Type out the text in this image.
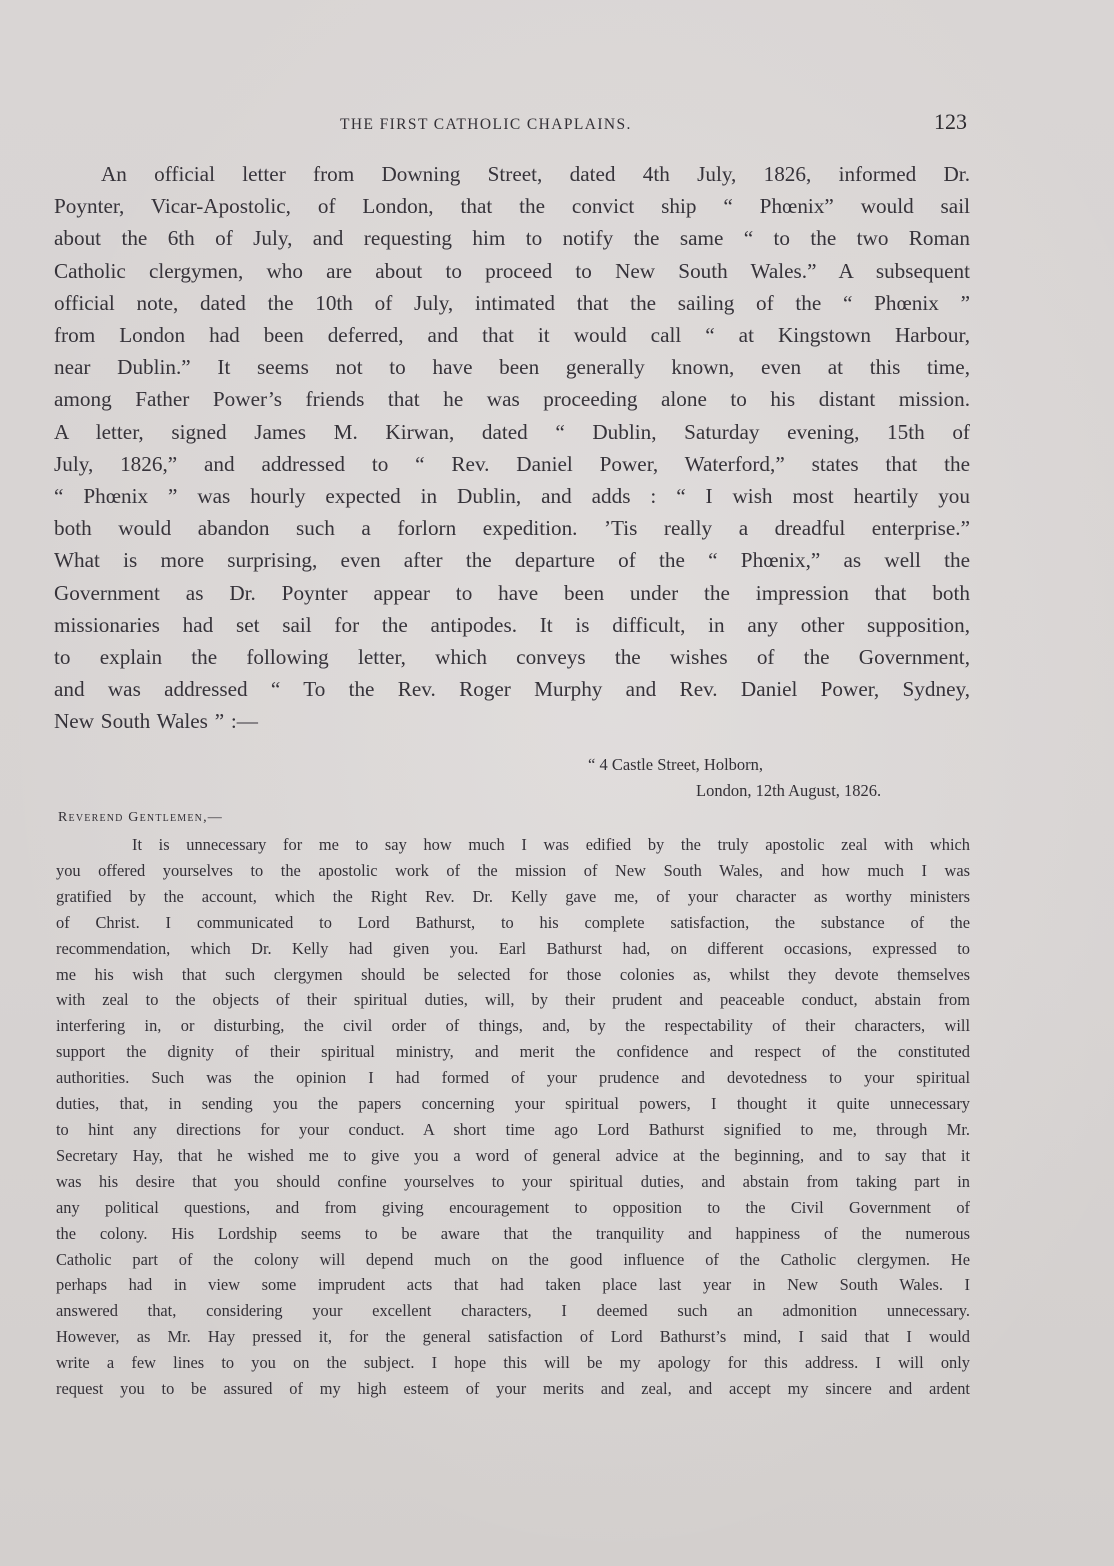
THE FIRST CATHOLIC CHAPLAINS.	123
An official letter from Downing Street, dated 4th July, 1826, informed Dr.
Poynter, Vicar-Apostolic, of London, that the convict ship “ Phœnix” would sail
about the 6th of July, and requesting him to notify the same “ to the two Roman
Catholic clergymen, who are about to proceed to New South Wales.” A subsequent
official note, dated the 10th of July, intimated that the sailing of the “ Phœnix ”
from London had been deferred, and that it would call “ at Kingstown Harbour,
near Dublin.” It seems not to have been generally known, even at this time,
among Father Power’s friends that he was proceeding alone to his distant mission.
A letter, signed James M. Kirwan, dated “ Dublin, Saturday evening, 15th of
July, 1826,” and addressed to “ Rev. Daniel Power, Waterford,” states that the
“ Phœnix ” was hourly expected in Dublin, and adds : “ I wish most heartily you
both would abandon such a forlorn expedition. ’Tis really a dreadful enterprise.”
What is more surprising, even after the departure of the “ Phœnix,” as well the
Government as Dr. Poynter appear to have been under the impression that both
missionaries had set sail for the antipodes. It is difficult, in any other supposition,
to explain the following letter, which conveys the wishes of the Government,
and was addressed “ To the Rev. Roger Murphy and Rev. Daniel Power, Sydney,
New South Wales ” :—
“ 4 Castle Street, Holborn,
London, 12th August, 1826.
Reverend Gentlemen,—
It is unnecessary for me to say how much I was edified by the truly apostolic zeal with which
you offered yourselves to the apostolic work of the mission of New South Wales, and how much I was
gratified by the account, which the Right Rev. Dr. Kelly gave me, of your character as worthy ministers
of Christ. I communicated to Lord Bathurst, to his complete satisfaction, the substance of the
recommendation, which Dr. Kelly had given you. Earl Bathurst had, on different occasions, expressed to
me his wish that such clergymen should be selected for those colonies as, whilst they devote themselves
with zeal to the objects of their spiritual duties, will, by their prudent and peaceable conduct, abstain from
interfering in, or disturbing, the civil order of things, and, by the respectability of their characters, will
support the dignity of their spiritual ministry, and merit the confidence and respect of the constituted
authorities. Such was the opinion I had formed of your prudence and devotedness to your spiritual
duties, that, in sending you the papers concerning your spiritual powers, I thought it quite unnecessary
to hint any directions for your conduct. A short time ago Lord Bathurst signified to me, through Mr.
Secretary Hay, that he wished me to give you a word of general advice at the beginning, and to say that it
was his desire that you should confine yourselves to your spiritual duties, and abstain from taking part in
any political questions, and from giving encouragement to opposition to the Civil Government of
the colony. His Lordship seems to be aware that the tranquility and happiness of the numerous
Catholic part of the colony will depend much on the good influence of the Catholic clergymen. He
perhaps had in view some imprudent acts that had taken place last year in New South Wales. I
answered that, considering your excellent characters, I deemed such an admonition unnecessary.
However, as Mr. Hay pressed it, for the general satisfaction of Lord Bathurst’s mind, I said that I would
write a few lines to you on the subject. I hope this will be my apology for this address. I will only
request you to be assured of my high esteem of your merits and zeal, and accept my sincere and ardent
